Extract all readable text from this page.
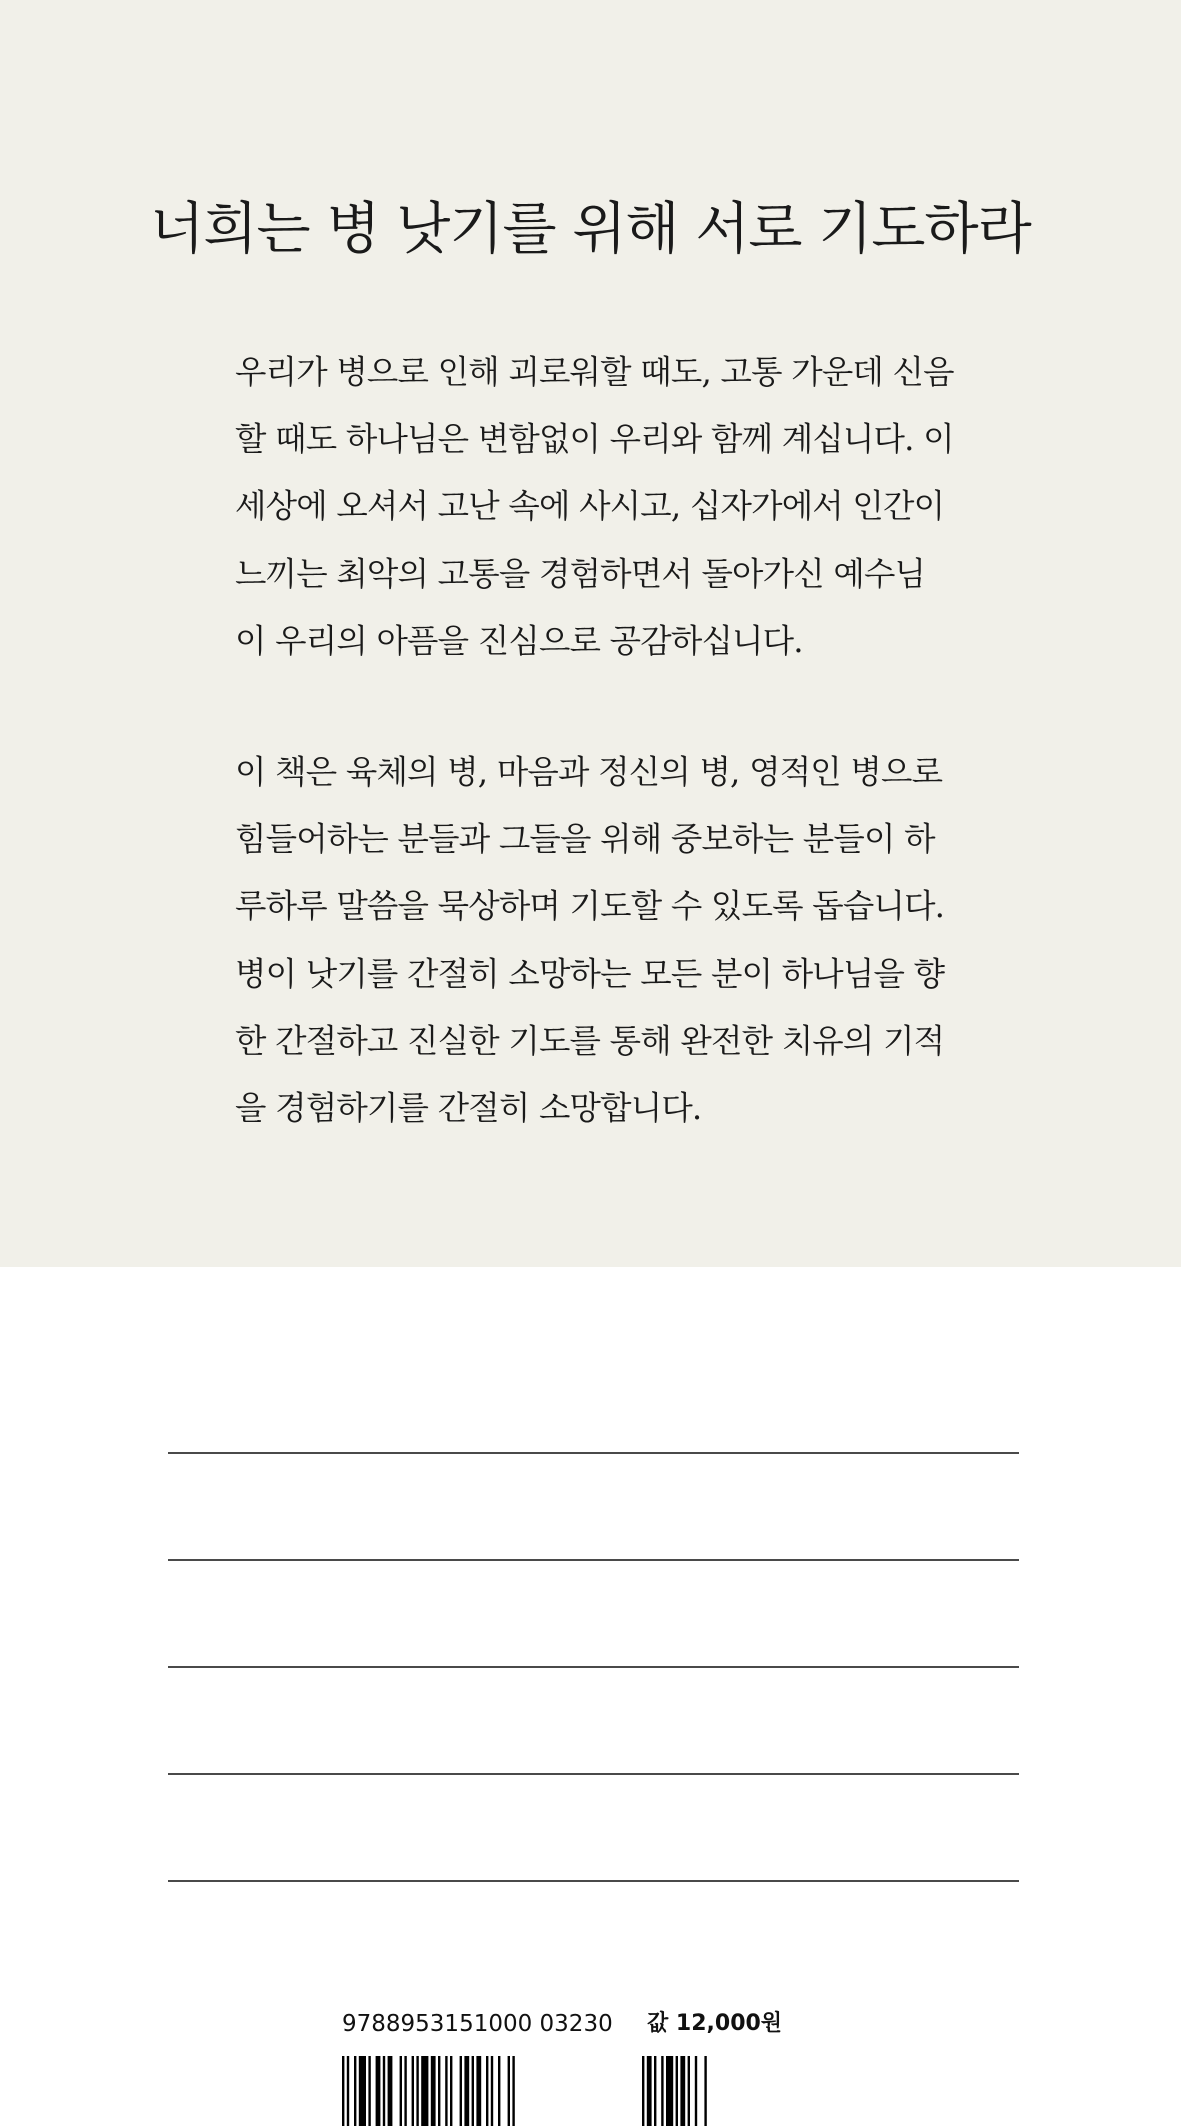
너희는 병 낫기를 위해 서로 기도하라
우리가 병으로 인해 괴로워할 때도, 고통 가운데 신음
할 때도 하나님은 변함없이 우리와 함께 계십니다. 이
세상에 오셔서 고난 속에 사시고, 십자가에서 인간이
느끼는 최악의 고통을 경험하면서 돌아가신 예수님
이 우리의 아픔을 진심으로 공감하십니다.
이 책은 육체의 병, 마음과 정신의 병, 영적인 병으로
힘들어하는 분들과 그들을 위해 중보하는 분들이 하
루하루 말씀을 묵상하며 기도할 수 있도록 돕습니다.
병이 낫기를 간절히 소망하는 모든 분이 하나님을 향
한 간절하고 진실한 기도를 통해 완전한 치유의 기적
을 경험하기를 간절히 소망합니다.
9788953151000 03230 값 12,000원
